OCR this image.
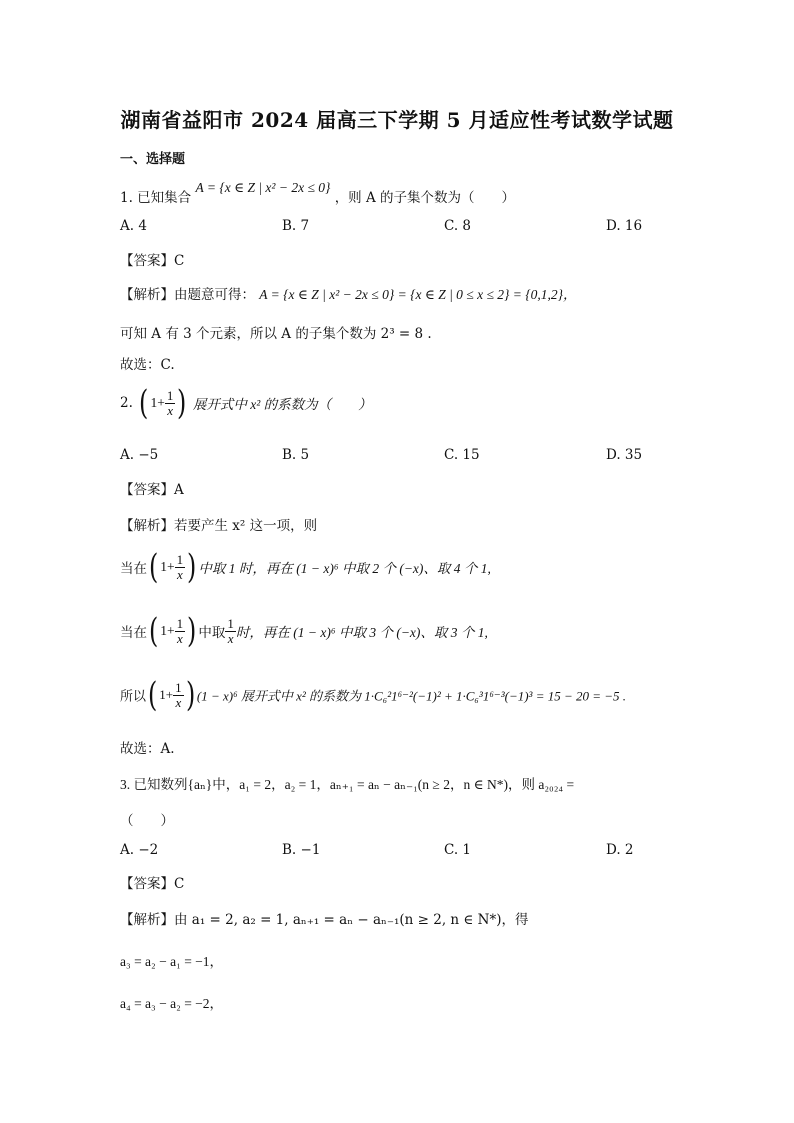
湖南省益阳市 2024 届高三下学期 5 月适应性考试数学试题
一、选择题
1. 已知集合 A = {x ∈ Z | x² − 2x ≤ 0} ，则 A 的子集个数为（　　）
A. 4	B. 7	C. 8	D. 16
【答案】C
【解析】由题意可得： A = {x ∈ Z | x² − 2x ≤ 0} = {x ∈ Z | 0 ≤ x ≤ 2} = {0,1,2}，
可知 A 有 3 个元素，所以 A 的子集个数为 2³ = 8 .
故选：C.
2. ( $1+ \frac{1}{x}$ ) 展开式中 x² 的系数为（　　）
A. −5	B. 5	C. 15	D. 35
【答案】A
【解析】若要产生 x² 这一项，则
当在( $1+ \frac{1}{x}$ ) 中取 1 时，再在 (1 − x)⁶ 中取 2 个 (−x)、取 4 个 1,
当在( $1+ \frac{1}{x}$ ) 中取 $\frac{1}{x}$ 时，再在 (1 − x)⁶ 中取 3 个 (−x)、取 3 个 1,
所以( $1+ \frac{1}{x}$ ) (1 − x)⁶ 展开式中 x² 的系数为 1·C₆²1⁶⁻²(−1)² + 1·C₆³1⁶⁻³(−1)³ = 15 − 20 = −5 .
故选：A.
3. 已知数列{aₙ}中，a₁ = 2，a₂ = 1，aₙ₊₁ = aₙ − aₙ₋₁(n ≥ 2，n ∈ N*)，则 a₂₀₂₄ =
（　　）
A. −2	B. −1	C. 1	D. 2
【答案】C
【解析】由 a₁ = 2, a₂ = 1, aₙ₊₁ = aₙ − aₙ₋₁(n ≥ 2, n ∈ N*)，得
a₃ = a₂ − a₁ = −1，
a₄ = a₃ − a₂ = −2，
